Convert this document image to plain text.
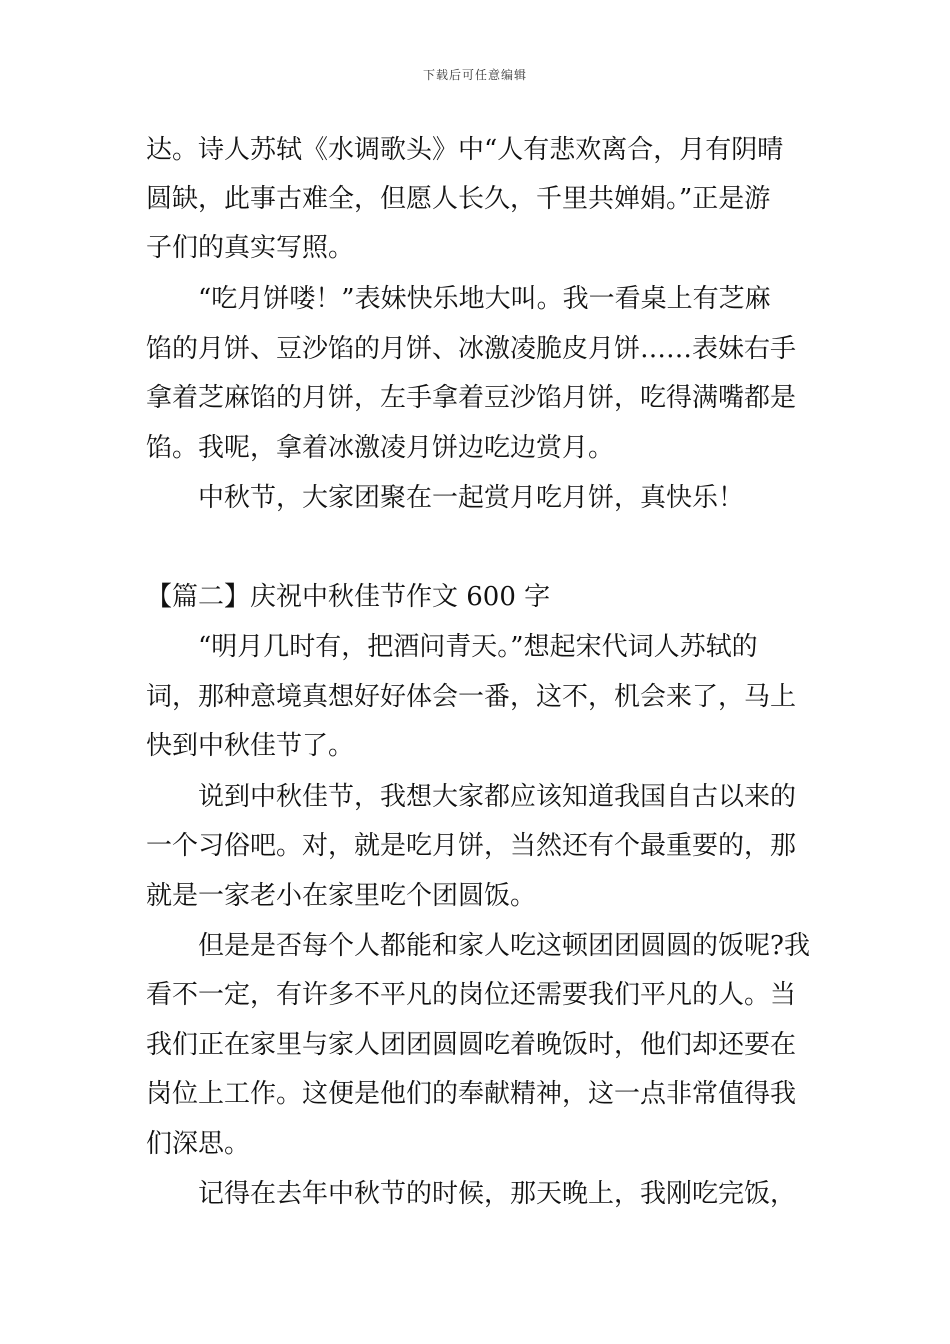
下载后可任意编辑
达。诗人苏轼《水调歌头》中“人有悲欢离合，月有阴晴
圆缺，此事古难全，但愿人长久，千里共婵娟。”正是游
子们的真实写照。
“吃月饼喽！”表妹快乐地大叫。我一看桌上有芝麻
馅的月饼、豆沙馅的月饼、冰激凌脆皮月饼……表妹右手
拿着芝麻馅的月饼，左手拿着豆沙馅月饼，吃得满嘴都是
馅。我呢，拿着冰激凌月饼边吃边赏月。
中秋节，大家团聚在一起赏月吃月饼，真快乐！
【篇二】庆祝中秋佳节作文 600 字
“明月几时有，把酒问青天。”想起宋代词人苏轼的
词，那种意境真想好好体会一番，这不，机会来了，马上
快到中秋佳节了。
说到中秋佳节，我想大家都应该知道我国自古以来的
一个习俗吧。对，就是吃月饼，当然还有个最重要的，那
就是一家老小在家里吃个团圆饭。
但是是否每个人都能和家人吃这顿团团圆圆的饭呢?我
看不一定，有许多不平凡的岗位还需要我们平凡的人。当
我们正在家里与家人团团圆圆吃着晚饭时，他们却还要在
岗位上工作。这便是他们的奉献精神，这一点非常值得我
们深思。
记得在去年中秋节的时候，那天晚上，我刚吃完饭，
